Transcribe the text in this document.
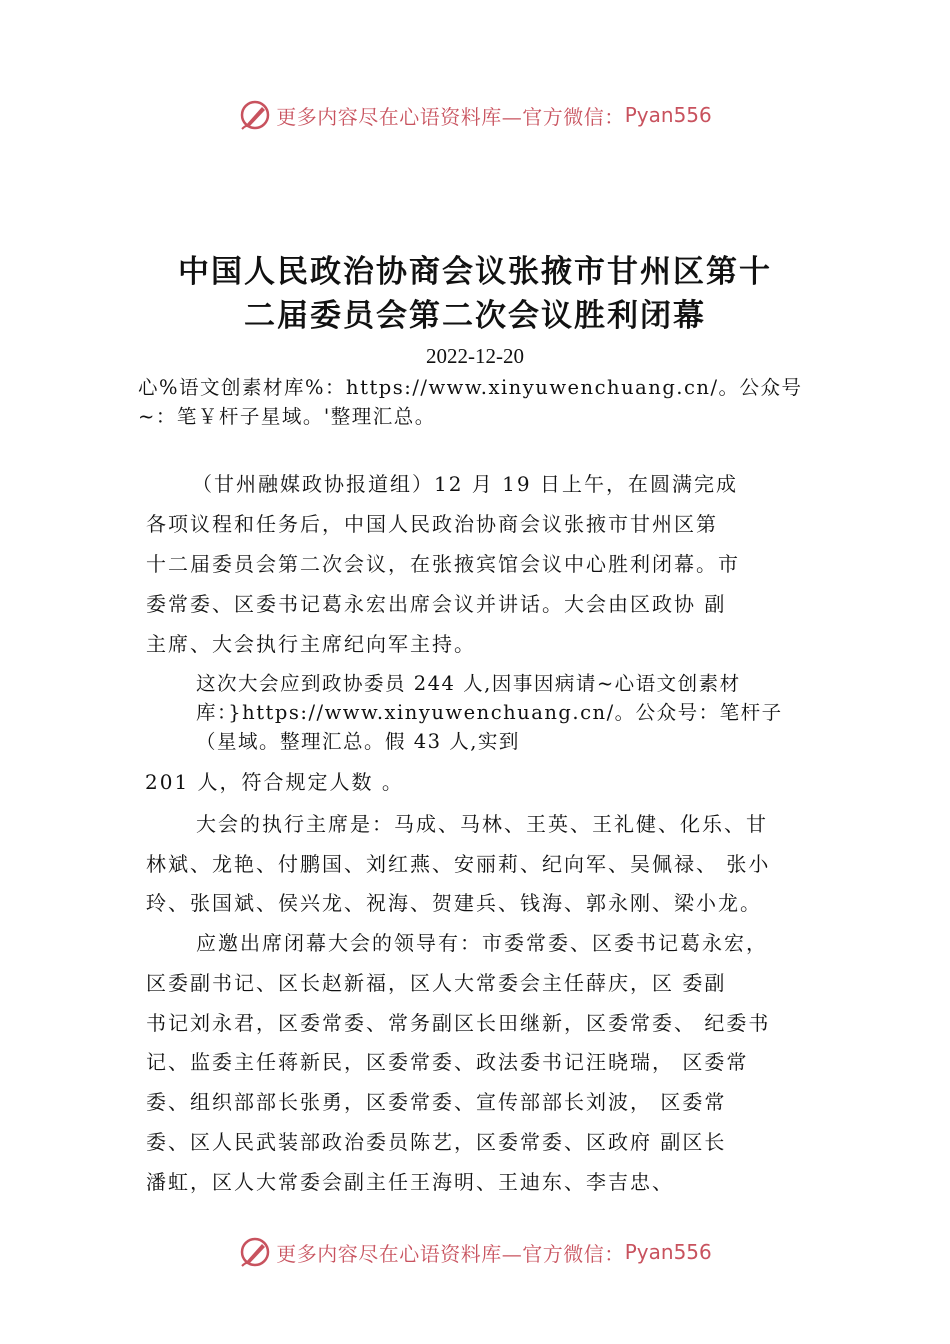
更多内容尽在心语资料库—官方微信： Pyan556
中国人民政治协商会议张掖市甘州区第十
二届委员会第二次会议胜利闭幕
2022-12-20
心%语文创素材库%：https://www.xinyuwenchuang.cn/。公众号
~：笔￥杆子星域。'整理汇总。
（甘州融媒政协报道组）12 月 19 日上午，在圆满完成
各项议程和任务后，中国人民政治协商会议张掖市甘州区第
十二届委员会第二次会议，在张掖宾馆会议中心胜利闭幕。市
委常委、区委书记葛永宏出席会议并讲话。大会由区政协 副
主席、大会执行主席纪向军主持。
这次大会应到政协委员 244 人,因事因病请~心语文创素材
库：}https://www.xinyuwenchuang.cn/。公众号：笔杆子
（星域。整理汇总。假 43 人,实到
201 人，符合规定人数 。
大会的执行主席是：马成、马林、王英、王礼健、化乐、甘
林斌、龙艳、付鹏国、刘红燕、安丽莉、纪向军、吴佩禄、 张小
玲、张国斌、侯兴龙、祝海、贺建兵、钱海、郭永刚、梁小龙。
应邀出席闭幕大会的领导有：市委常委、区委书记葛永宏，
区委副书记、区长赵新福，区人大常委会主任薛庆，区 委副
书记刘永君，区委常委、常务副区长田继新，区委常委、 纪委书
记、监委主任蒋新民，区委常委、政法委书记汪晓瑞， 区委常
委、组织部部长张勇，区委常委、宣传部部长刘波， 区委常
委、区人民武装部政治委员陈艺，区委常委、区政府 副区长
潘虹，区人大常委会副主任王海明、王迪东、李吉忠、
更多内容尽在心语资料库—官方微信： Pyan556
